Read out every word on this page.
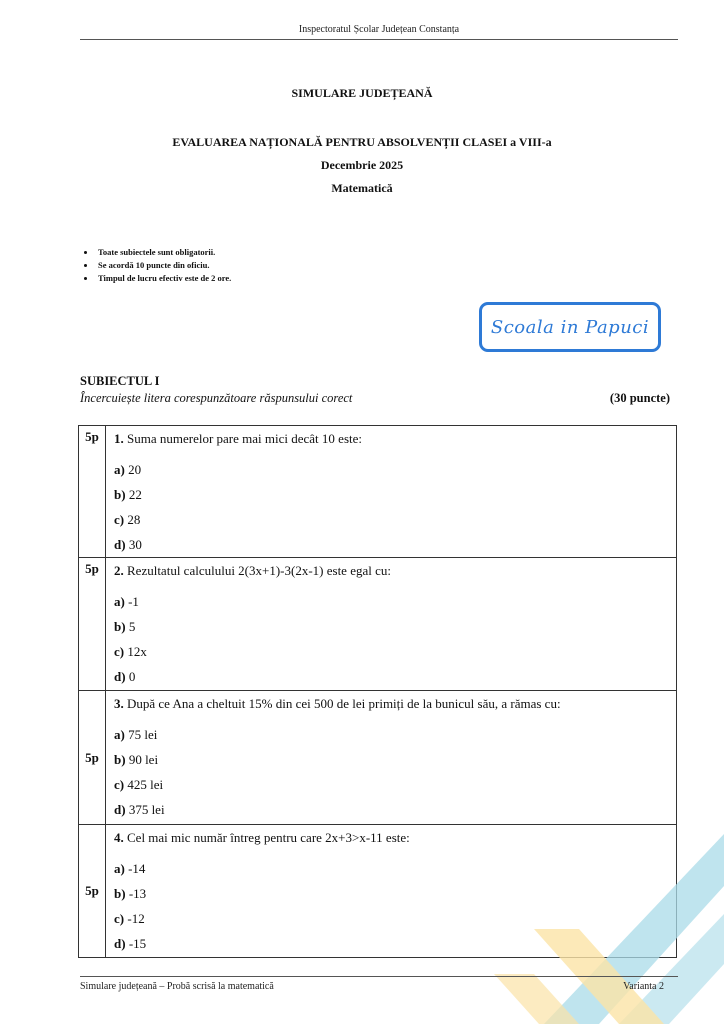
Inspectoratul Școlar Județean Constanța
SIMULARE JUDEȚEANĂ
EVALUAREA NAȚIONALĂ PENTRU ABSOLVENȚII CLASEI a VIII-a
Decembrie 2025
Matematică
• Toate subiectele sunt obligatorii.
• Se acordă 10 puncte din oficiu.
• Timpul de lucru efectiv este de 2 ore.
Scoala in Papuci
SUBIECTUL I
Încercuiește litera corespunzătoare răspunsului corect	(30 puncte)
5p	1. Suma numerelor pare mai mici decât 10 este:
a) 20
b) 22
c) 28
d) 30

5p	2. Rezultatul calculului 2(3x+1)-3(2x-1) este egal cu:
a) -1
b) 5
c) 12x
d) 0

5p	3. După ce Ana a cheltuit 15% din cei 500 de lei primiți de la bunicul său, a rămas cu:
a) 75 lei
b) 90 lei
c) 425 lei
d) 375 lei

5p	4. Cel mai mic număr întreg pentru care 2x+3>x-11 este:
a) -14
b) -13
c) -12
d) -15
Simulare județeană – Probă scrisă la matematică	Varianta 2
